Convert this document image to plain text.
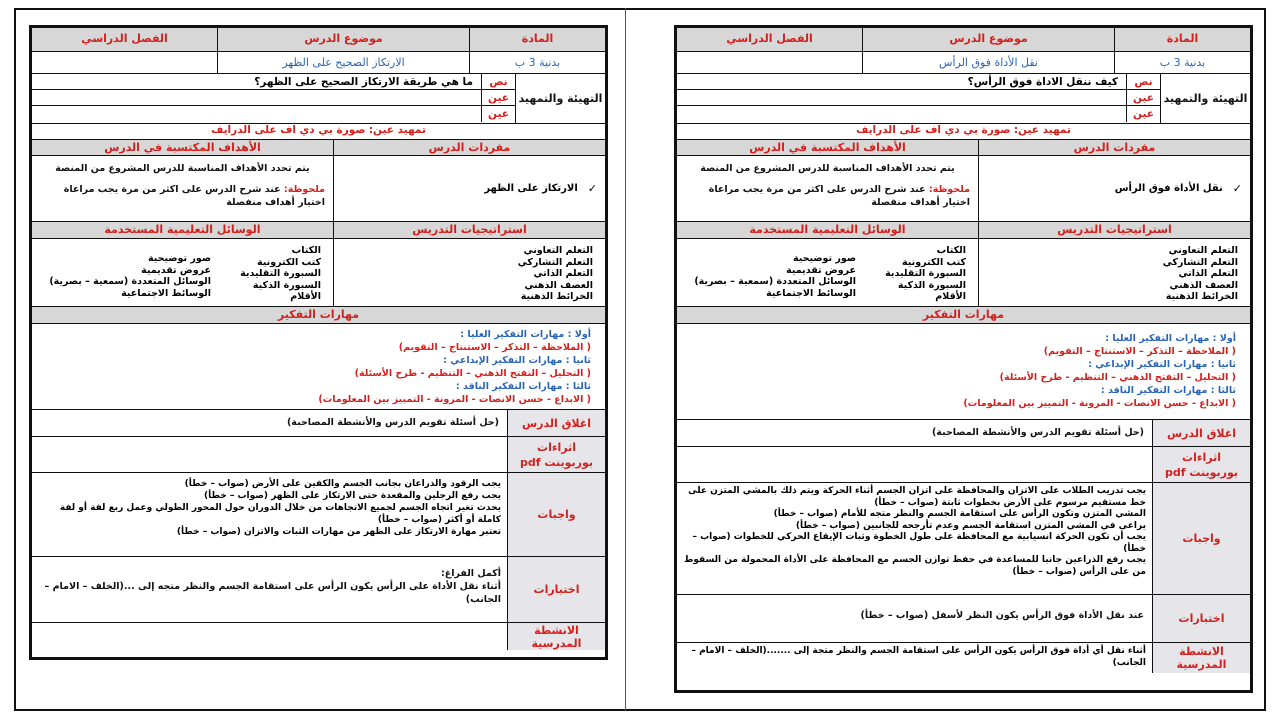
المادة
موضوع الدرس
الفصل الدراسي
بدنية 3 ب
الارتكاز الصحيح على الظهر
التهيئة والتمهيد
نص
ما هي طريقة الارتكاز الصحيح على الظهر؟
عين
عين
تمهيد عين:

صورة بي دي اف على الدرايف
مفردات الدرس
الأهداف المكتسبة في الدرس
✓
الارتكاز على الظهر
يتم تحدد الأهداف المناسبة للدرس المشروع من المنصة
ملحوظة: عند شرح الدرس على اكثر من مرة يجب مراعاة اختيار أهداف منفصلة
استراتيجيات التدريس
الوسائل التعليمية المستخدمة
التعلم التعاوني
التعلم التشاركي
التعلم الذاتي
العصف الذهني
الخرائط الذهنية
الكتاب
كتب الكترونية
السبورة التقليدية
السبورة الذكية
الأقلام
صور توضيحية
عروض تقديمية
الوسائل المتعددة (سمعية – بصرية)
الوسائط الاجتماعية
مهارات التفكير
أولا : مهارات التفكير العليا :
( الملاحظة – التذكر – الاستنتاج – التقويم)
ثانيا : مهارات التفكير الإبداعي :
( التحليل – التفتح الذهني – التنظيم - طرح الأسئلة)
ثالثا : مهارات التفكير الناقد :
( الابداع - حسن الانصات - المرونة - التمييز بين المعلومات)
اغلاق الدرس
(حل أسئلة تقويم الدرس والأنشطة المصاحبة)
اثراءات
بوربوينت pdf
واجبات
يجب الرقود والذراعان بجانب الجسم والكفين على الأرض (صواب – خطأ)
يجب رفع الرجلين والمقعدة حتى الارتكاز على الظهر (صواب – خطأ)
يحدث تغير اتجاه الجسم لجميع الاتجاهات من خلال الدوران حول المحور الطولي وعمل ربع لفة أو لفة كاملة أو أكثر (صواب – خطأ)
تعتبر مهارة الارتكاز على الظهر من مهارات الثبات والاتزان (صواب – خطأ)
اختبارات
أكمل الفراغ:
أثناء نقل الأداة على الرأس يكون الرأس على استقامة الجسم والنظر متجه إلى ...(الخلف – الامام – الجانب)
الانشطة المدرسية
المادة
موضوع الدرس
الفصل الدراسي
بدنية 3 ب
نقل الأداة فوق الرأس
التهيئة والتمهيد
نص
كيف ننقل الاداة فوق الرأس؟
عين
عين
تمهيد عين:

صورة بي دي اف على الدرايف
مفردات الدرس
الأهداف المكتسبة في الدرس
✓
نقل الأداة فوق الرأس
يتم تحدد الأهداف المناسبة للدرس المشروع من المنصة
ملحوظة: عند شرح الدرس على اكثر من مرة يجب مراعاة اختيار أهداف منفصلة
استراتيجيات التدريس
الوسائل التعليمية المستخدمة
التعلم التعاوني
التعلم التشاركي
التعلم الذاتي
العصف الذهني
الخرائط الذهنية
الكتاب
كتب الكترونية
السبورة التقليدية
السبورة الذكية
الأقلام
صور توضيحية
عروض تقديمية
الوسائل المتعددة (سمعية – بصرية)
الوسائط الاجتماعية
مهارات التفكير
أولا : مهارات التفكير العليا :
( الملاحظة – التذكر – الاستنتاج – التقويم)
ثانيا : مهارات التفكير الإبداعي :
( التحليل – التفتح الذهني – التنظيم - طرح الأسئلة)
ثالثا : مهارات التفكير الناقد :
( الابداع - حسن الانصات - المرونة - التمييز بين المعلومات)
اغلاق الدرس
(حل أسئلة تقويم الدرس والأنشطة المصاحبة)
اثراءات
بوربوينت pdf
واجبات
يجب تدريب الطلاب على الاتزان والمحافظة على اتزان الجسم أثناء الحركة ويتم ذلك بالمشي المتزن على خط مستقيم مرسوم على الأرض بخطوات ثابتة (صواب – خطأ)
المشي المتزن وتكون الرأس على استقامة الجسم والنظر متجه للأمام (صواب – خطأ)
يراعى في المشي المتزن استقامة الجسم وعدم تأرجحه للجانبين (صواب – خطأ)
يجب أن تكون الحركة انسيابية مع المحافظة على طول الخطوة وثبات الإيقاع الحركي للخطوات (صواب – خطأ)
يجب رفع الذراعين جانبا للمساعدة في حفظ توازن الجسم مع المحافظة على الأداة المحمولة من السقوط من على الرأس (صواب – خطأ)
اختبارات
عند نقل الأداة فوق الرأس يكون النظر لأسفل (صواب – خطأ)
الانشطة المدرسية
أثناء نقل أي أداة فوق الرأس يكون الرأس على استقامة الجسم والنظر متجة إلى .......(الخلف – الامام – الجانب)
